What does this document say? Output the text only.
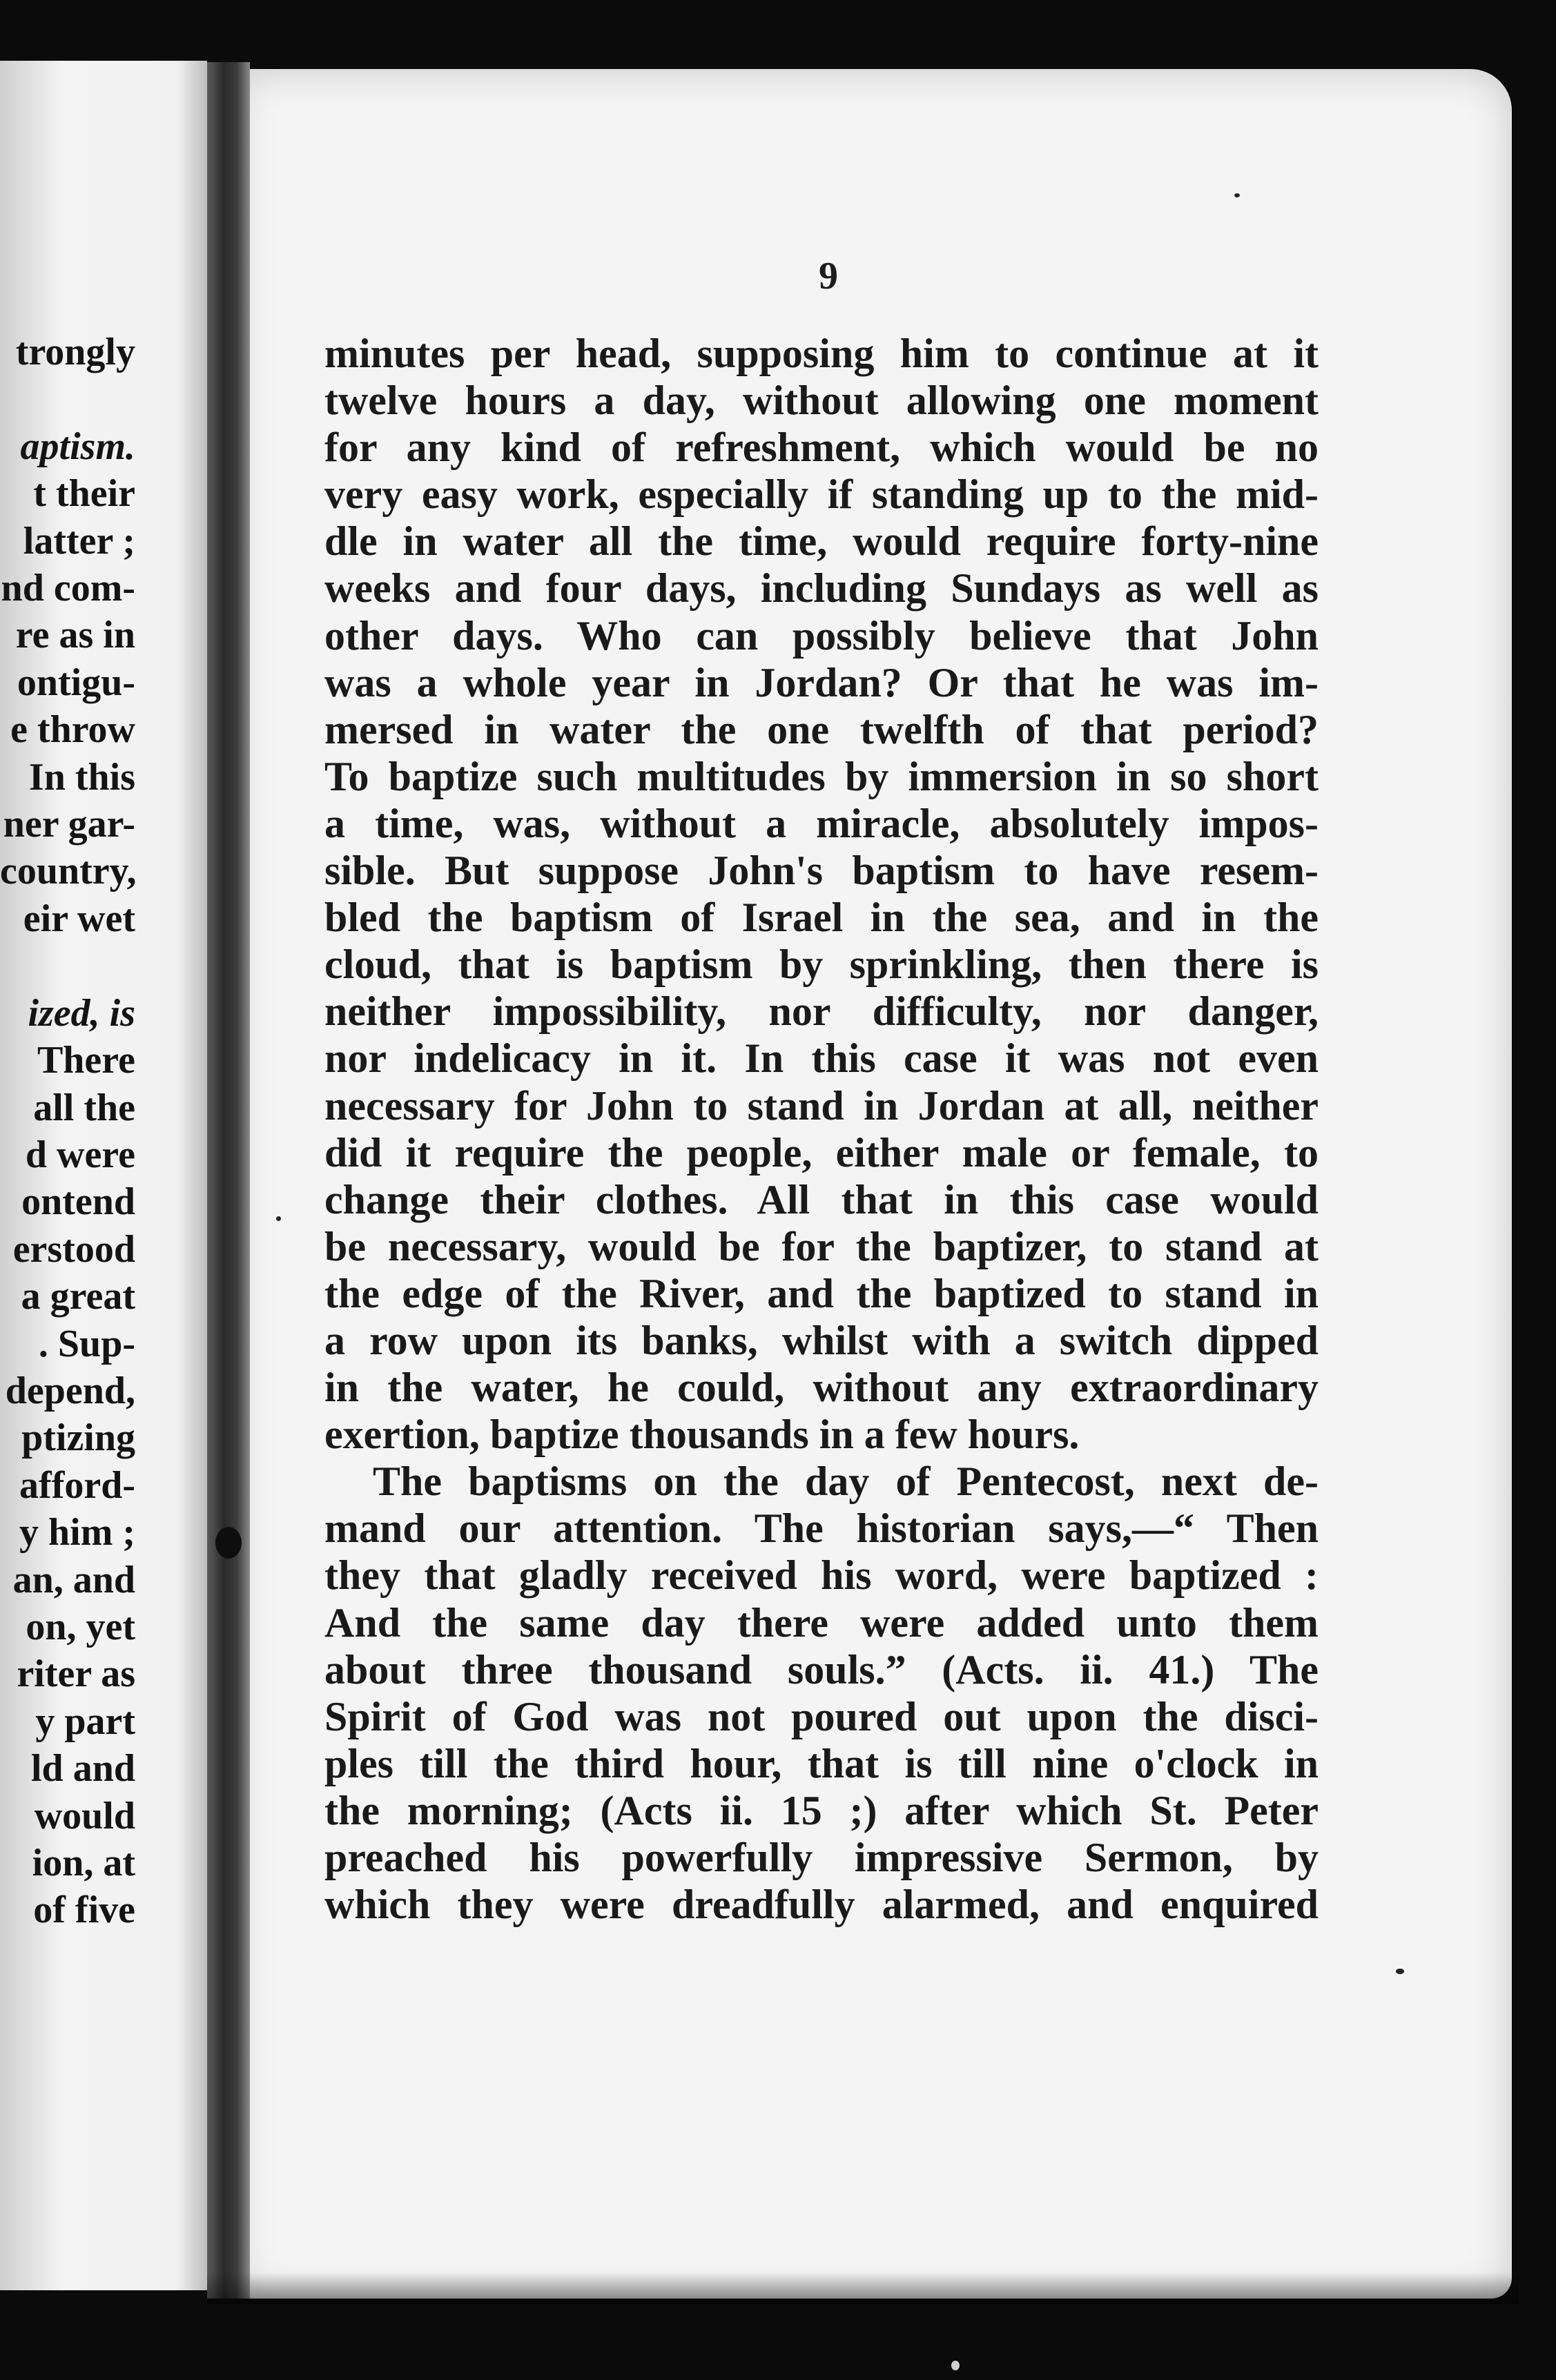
trongly

aptism.
t their
latter ;
nd com-
re as in
ontigu-
e throw
In this
ner gar-
country,
eir wet

ized, is
There
all the
d were
ontend
erstood
a great
. Sup-
depend,
ptizing
afford-
y him ;
an, and
on, yet
riter as
y part
ld and
would
ion, at
of five
9
minutes per head, supposing him to continue at it
twelve hours a day, without allowing one moment
for any kind of refreshment, which would be no
very easy work, especially if standing up to the mid-
dle in water all the time, would require forty-nine
weeks and four days, including Sundays as well as
other days. Who can possibly believe that John
was a whole year in Jordan? Or that he was im-
mersed in water the one twelfth of that period?
To baptize such multitudes by immersion in so short
a time, was, without a miracle, absolutely impos-
sible. But suppose John's baptism to have resem-
bled the baptism of Israel in the sea, and in the
cloud, that is baptism by sprinkling, then there is
neither impossibility, nor difficulty, nor danger,
nor indelicacy in it. In this case it was not even
necessary for John to stand in Jordan at all, neither
did it require the people, either male or female, to
change their clothes. All that in this case would
be necessary, would be for the baptizer, to stand at
the edge of the River, and the baptized to stand in
a row upon its banks, whilst with a switch dipped
in the water, he could, without any extraordinary
exertion, baptize thousands in a few hours.
The baptisms on the day of Pentecost, next de-
mand our attention. The historian says,—“ Then
they that gladly received his word, were baptized :
And the same day there were added unto them
about three thousand souls.” (Acts. ii. 41.) The
Spirit of God was not poured out upon the disci-
ples till the third hour, that is till nine o'clock in
the morning; (Acts ii. 15 ;) after which St. Peter
preached his powerfully impressive Sermon, by
which they were dreadfully alarmed, and enquired
